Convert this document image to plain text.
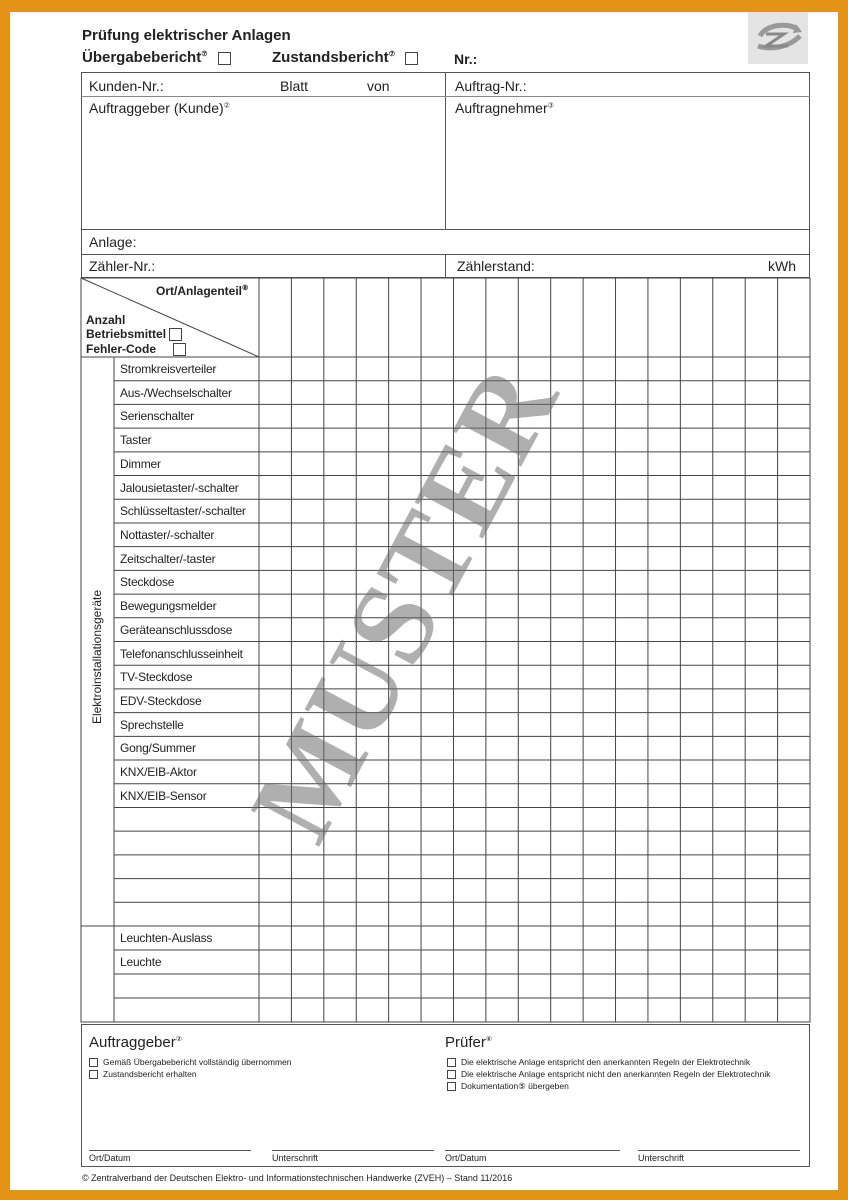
Prüfung elektrischer Anlagen
Übergabebericht⑦	Zustandsbericht⑦	Nr.:
Kunden-Nr.:	Blatt	von	Auftrag-Nr.:
Auftraggeber (Kunde)②	Auftragnehmer③
Anlage:
Zähler-Nr.:	Zählerstand:	kWh
Ort/Anlagenteil⑧
Anzahl
Betriebsmittel
Fehler-Code
Elektroinstallationsgeräte
Stromkreisverteiler
Aus-/Wechselschalter
Serienschalter
Taster
Dimmer
Jalousietaster/-schalter
Schlüsseltaster/-schalter
Nottaster/-schalter
Zeitschalter/-taster
Steckdose
Bewegungsmelder
Geräteanschlussdose
Telefonanschlusseinheit
TV-Steckdose
EDV-Steckdose
Sprechstelle
Gong/Summer
KNX/EIB-Aktor
KNX/EIB-Sensor
Leuchten-Auslass
Leuchte
MUSTER
Auftraggeber②
Gemäß Übergabebericht vollständig übernommen
Zustandsbericht erhalten
Prüfer⑥
Die elektrische Anlage entspricht den anerkannten Regeln der Elektrotechnik
Die elektrische Anlage entspricht nicht den anerkannten Regeln der Elektrotechnik
Dokumentation⑤ übergeben
Ort/Datum	Unterschrift	Ort/Datum	Unterschrift
© Zentralverband der Deutschen Elektro- und Informationstechnischen Handwerke (ZVEH) – Stand 11/2016
